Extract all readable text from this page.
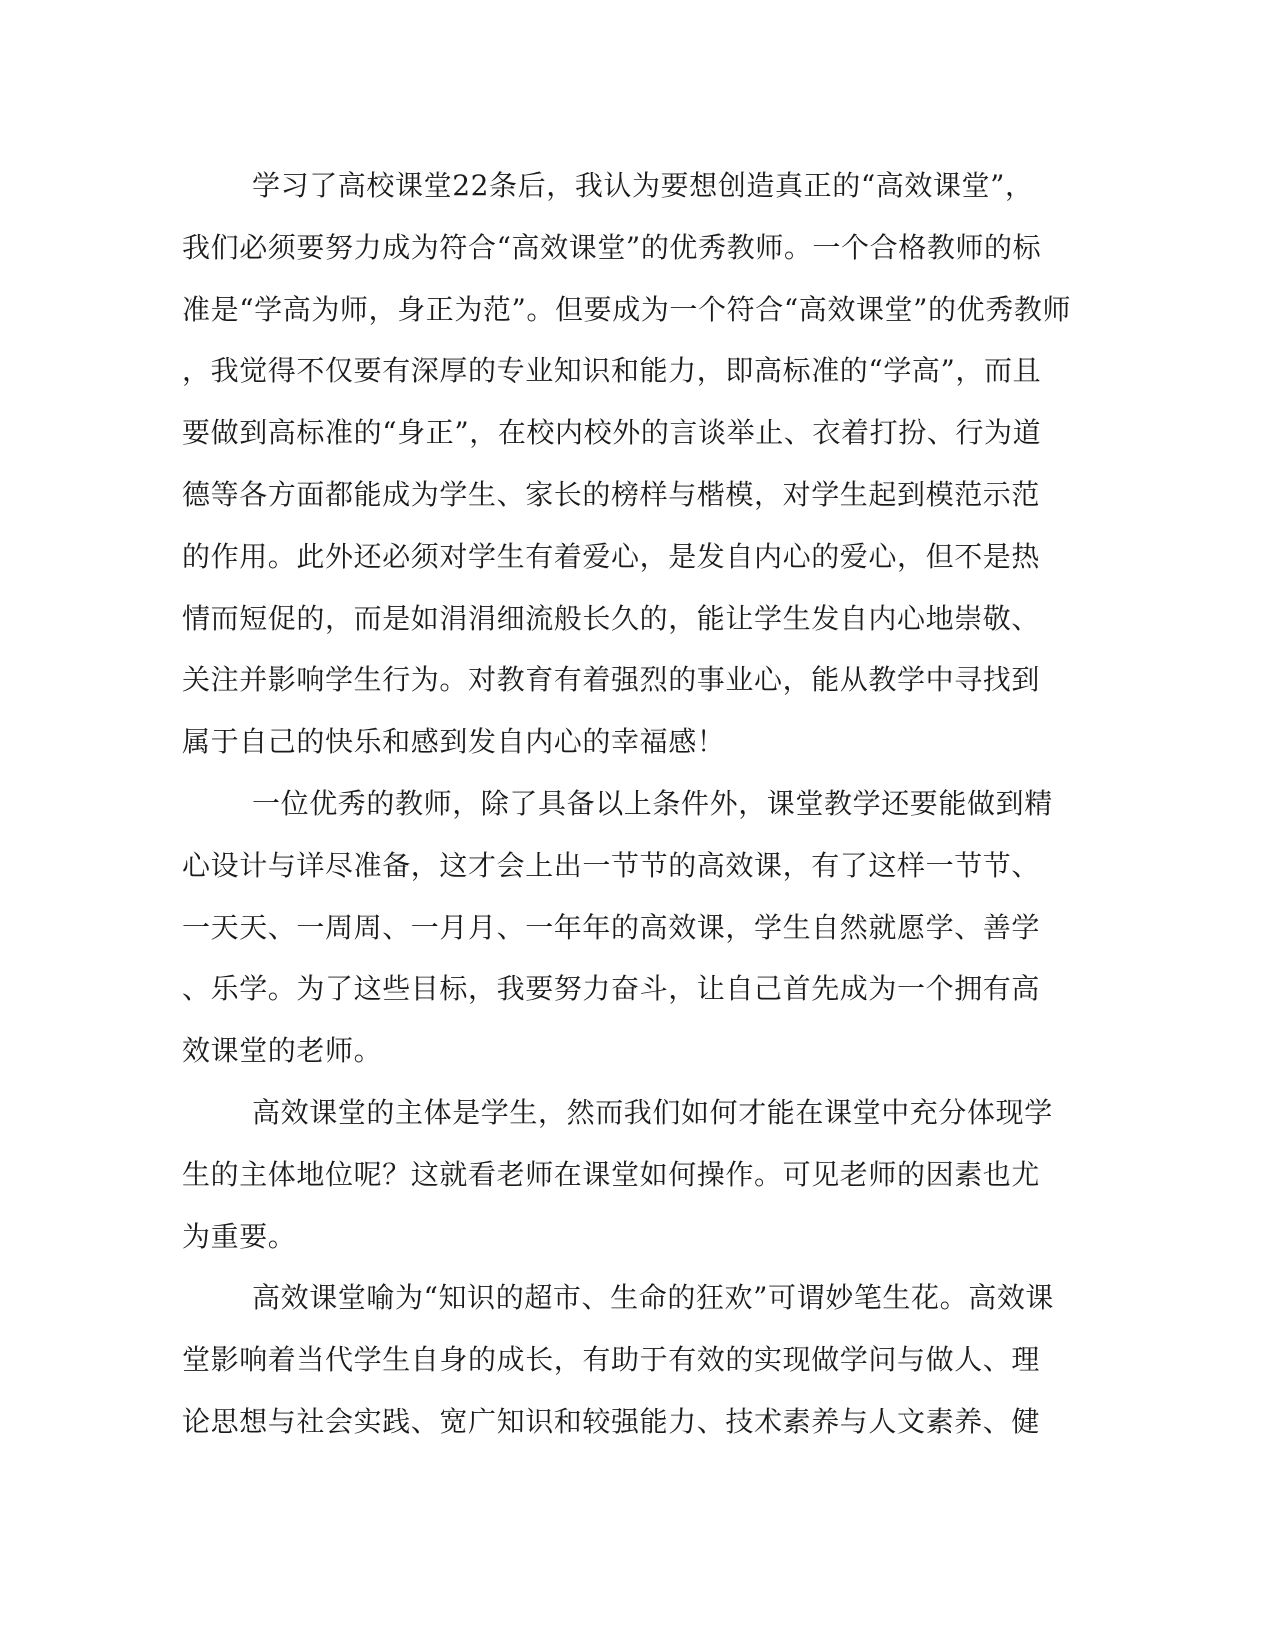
学习了高校课堂22条后，我认为要想创造真正的“高效课堂”，
我们必须要努力成为符合“高效课堂”的优秀教师。一个合格教师的标
准是“学高为师，身正为范”。但要成为一个符合“高效课堂”的优秀教师
，我觉得不仅要有深厚的专业知识和能力，即高标准的“学高”，而且
要做到高标准的“身正”，在校内校外的言谈举止、衣着打扮、行为道
德等各方面都能成为学生、家长的榜样与楷模，对学生起到模范示范
的作用。此外还必须对学生有着爱心，是发自内心的爱心，但不是热
情而短促的，而是如涓涓细流般长久的，能让学生发自内心地崇敬、
关注并影响学生行为。对教育有着强烈的事业心，能从教学中寻找到
属于自己的快乐和感到发自内心的幸福感！
一位优秀的教师，除了具备以上条件外，课堂教学还要能做到精
心设计与详尽准备，这才会上出一节节的高效课，有了这样一节节、
一天天、一周周、一月月、一年年的高效课，学生自然就愿学、善学
、乐学。为了这些目标，我要努力奋斗，让自己首先成为一个拥有高
效课堂的老师。
高效课堂的主体是学生，然而我们如何才能在课堂中充分体现学
生的主体地位呢？这就看老师在课堂如何操作。可见老师的因素也尤
为重要。
高效课堂喻为“知识的超市、生命的狂欢”可谓妙笔生花。高效课
堂影响着当代学生自身的成长，有助于有效的实现做学问与做人、理
论思想与社会实践、宽广知识和较强能力、技术素养与人文素养、健
